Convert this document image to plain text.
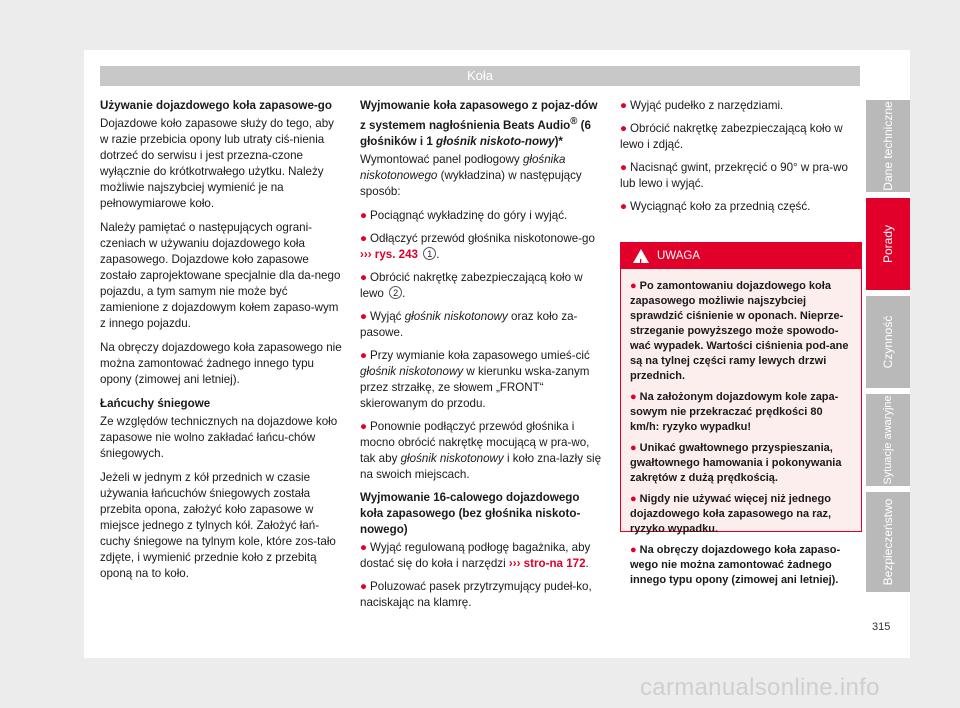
Koła
Używanie dojazdowego koła zapasowe-go

Dojazdowe koło zapasowe służy do tego, aby w razie przebicia opony lub utraty ciś-nienia dotrzeć do serwisu i jest przezna-czone wyłącznie do krótkotrwałego użytku. Należy możliwie najszybciej wymienić je na pełnowymiarowe koło.

Należy pamiętać o następujących ograni-czeniach w używaniu dojazdowego koła zapasowego. Dojazdowe koło zapasowe zostało zaprojektowane specjalnie dla da-nego pojazdu, a tym samym nie może być zamienione z dojazdowym kołem zapaso-wym z innego pojazdu.

Na obręczy dojazdowego koła zapasowego nie można zamontować żadnego innego typu opony (zimowej ani letniej).

Łańcuchy śniegowe

Ze względów technicznych na dojazdowe koło zapasowe nie wolno zakładać łańcu-chów śniegowych.

Jeżeli w jednym z kół przednich w czasie używania łańcuchów śniegowych została przebita opona, założyć koło zapasowe w miejsce jednego z tylnych kół. Założyć łań-cuchy śniegowe na tylnym kole, które zos-tało zdjęte, i wymienić przednie koło z przebitą oponą na to koło.

Wyjmowanie koła zapasowego z pojaz-dów z systemem nagłośnienia Beats Audio® (6 głośników i 1 głośnik niskoto-nowy)*

Wymontować panel podłogowy głośnika niskotonowego (wykładzina) w następujący sposób:

● Pociągnąć wykładzinę do góry i wyjąć.
● Odłączyć przewód głośnika niskotonowe-go ››› rys. 243 1 .
● Obrócić nakrętkę zabezpieczającą koło w lewo 2 .
● Wyjąć głośnik niskotonowy oraz koło za-pasowe.
● Przy wymianie koła zapasowego umieś-cić głośnik niskotonowy w kierunku wska-zanym przez strzałkę, ze słowem „FRONT“ skierowanym do przodu.
● Ponownie podłączyć przewód głośnika i mocno obrócić nakrętkę mocującą w pra-wo, tak aby głośnik niskotonowy i koło zna-lazły się na swoich miejscach.
Wyjmowanie 16-calowego dojazdowego koła zapasowego (bez głośnika niskoto-nowego)
● Wyjąć regulowaną podłogę bagażnika, aby dostać się do koła i narzędzi ››› stro-na 172.
● Poluzować pasek przytrzymujący pudeł-ko, naciskając na klamrę.
● Wyjąć pudełko z narzędziami.
● Obrócić nakrętkę zabezpieczającą koło w lewo i zdjąć.
● Nacisnąć gwint, przekręcić o 90° w pra-wo lub lewo i wyjąć.
● Wyciągnąć koło za przednią część.
!
UWAGA
● Po zamontowaniu dojazdowego koła zapasowego możliwie najszybciej sprawdzić ciśnienie w oponach. Nieprze-strzeganie powyższego może spowodo-wać wypadek. Wartości ciśnienia pod-ane są na tylnej części ramy lewych drzwi przednich.
● Na założonym dojazdowym kole zapa-sowym nie przekraczać prędkości 80 km/h: ryzyko wypadku!
● Unikać gwałtownego przyspieszania, gwałtownego hamowania i pokonywania zakrętów z dużą prędkością.
● Nigdy nie używać więcej niż jednego dojazdowego koła zapasowego na raz, ryzyko wypadku.
● Na obręczy dojazdowego koła zapaso-wego nie można zamontować żadnego innego typu opony (zimowej ani letniej).
Dane techniczne
Porady
Czynność
Sytuacje awaryjne
Bezpieczeństwo
315
carmanualsonline.info
